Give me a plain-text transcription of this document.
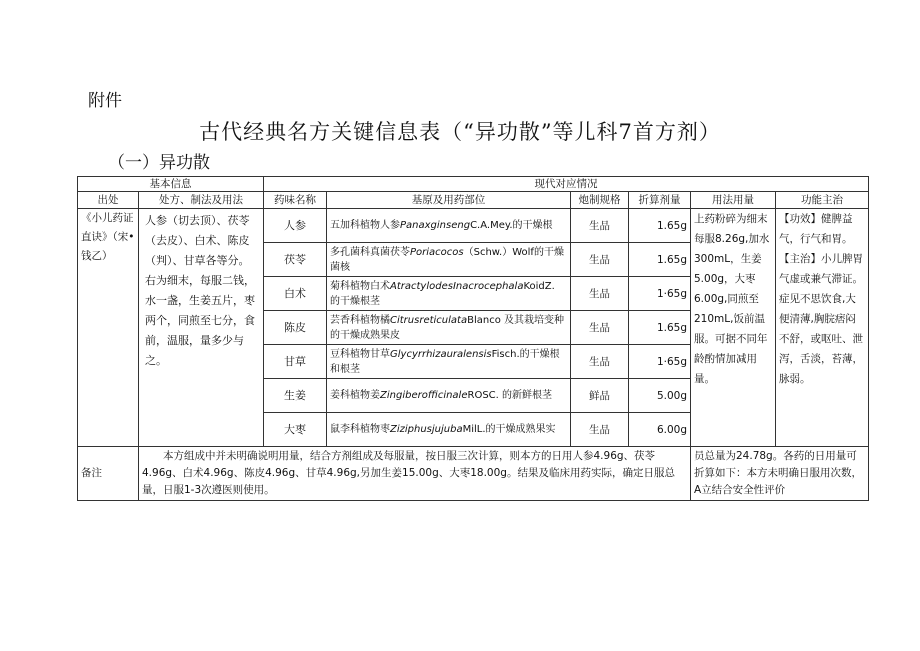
附件
古代经典名方关键信息表（“异功散”等儿科7首方剂）
（一）异功散
基本信息		现代对应情况					
出处	处方、制法及用法	药味名称	基原及用药部位	炮制规格	折算剂量	用法用量	功能主治
《小儿药证直诀》（宋•钱乙）	人参（切去顶）、茯苓（去皮）、白术、陈皮（判）、甘草各等分。右为细末，每服二钱，水一盏，生姜五片，枣两个，同煎至七分，食前，温服，量多少与之。	人参	五加科植物人参PanaxginsengC.A.Mey.的干燥根	生品	1.65g	上药粉碎为细末每服8.26g,加水300mL，生姜5.00g，大枣6.00g,同煎至210mL,饭前温服。可据不同年龄酌情加减用量。	【功效】健脾益气，行气和胃。【主治】小儿脾胃气虚或兼气滞证。症见不思饮食,大便清薄,胸脘痞闷不舒，或呕吐、泄泻，舌淡，苔薄，脉弱。
		茯苓	多孔菌科真菌茯苓Poriacocos（Schw.）Wolf的干燥菌核	生品	1.65g		
		白术	菊科植物白术AtractylodesInacrocephalaKoidZ. 的干燥根茎	生品	1·65g		
		陈皮	芸香科植物橘CitrusreticulataBlanco 及其栽培变种的干燥成熟果皮	生品	1.65g		
		甘草	豆科植物甘草GlycyrrhizauralensisFisch.的干燥根和根茎	生品	1·65g		
		生姜	姜科植物姜ZingiberofficinaleROSC. 的新鲜根茎	鲜品	5.00g		
		大枣	鼠李科植物枣ZiziphusjujubaMilL.的干燥成熟果实	生品	6.00g		
备注	本方组成中并未明确说明用量，结合方剂组成及每服量，按日服三次计算，则本方的日用人参4.96g、茯苓4.96g、白术4.96g、陈皮4.96g、甘草4.96g,另加生姜15.00g、大枣18.00g。结果及临床用药实际，确定日服总量，日服1-3次遵医则使用。					员总量为24.78g。各药的日用量可折算如下：本方未明确日服用次数，A立结合安全性评价	
